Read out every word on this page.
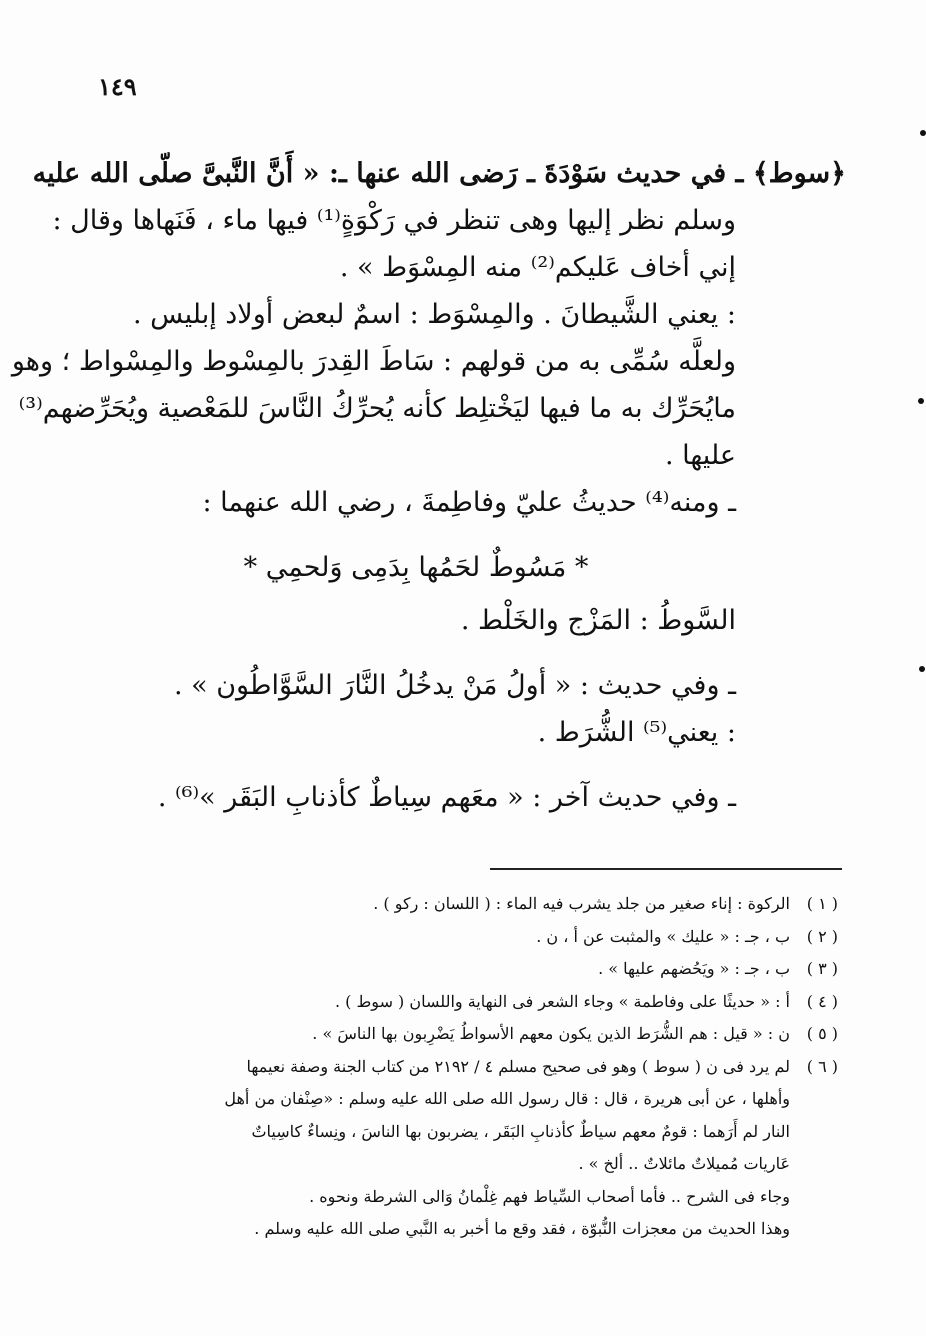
١٤٩
﴿سوط﴾ ـ في حديث سَوْدَةَ ـ رَضى الله عنها ـ: « أَنَّ النَّبىَّ صلّى الله عليه
وسلم نظر إليها وهى تنظر في رَكْوَةٍ⁽¹⁾ فيها ماء ، فَنَهاها وقال :
إني أخاف عَليكم⁽²⁾ منه المِسْوَط » .
: يعني الشَّيطانَ . والمِسْوَط : اسمٌ لبعض أولاد إبليس .
ولعلَّه سُمِّى به من قولهم : سَاطَ القِدرَ بالمِسْوط والمِسْواط ؛ وهو
مايُحَرِّك به ما فيها ليَخْتلِط كأنه يُحرِّكُ النَّاسَ للمَعْصية ويُحَرِّضهم⁽³⁾
عليها .
ـ ومنه⁽⁴⁾ حديثُ عليّ وفاطِمةَ ، رضي الله عنهما :
* مَسُوطٌ لحَمُها بِدَمِى وَلحمِي *
السَّوطُ : المَزْج والخَلْط .
ـ وفي حديث : « أولُ مَنْ يدخُلُ النَّارَ السَّوَّاطُون » .
: يعني⁽⁵⁾ الشُّرَط .
ـ وفي حديث آخر : « معَهم سِياطٌ كأذنابِ البَقَر »⁽⁶⁾ .
( ١ )
الركوة : إناء صغير من جلد يشرب فيه الماء : ( اللسان : ركو ) .
( ٢ )
ب ، جـ : « عليك » والمثبت عن أ ، ن .
( ٣ )
ب ، جـ : « ويَحُضهم عليها » .
( ٤ )
أ : « حديثًا على وفاطمة » وجاء الشعر فى النهاية واللسان ( سوط ) .
( ٥ )
ن : « قيل : هم الشُّرَط الذين يكون معهم الأسواطُ يَضْرِبون بها الناسَ » .
( ٦ )
لم يرد فى ن ( سوط ) وهو فى صحيح مسلم ٤ / ٢١٩٢ من كتاب الجنة وصفة نعيمها
وأهلها ، عن أبى هريرة ، قال : قال رسول الله صلى الله عليه وسلم : «صِنْفان من أهل
النار لم أَرَهما : قومٌ معهم سياطٌ كأذنابِ البَقَر ، يضربون بها الناسَ ، ونِساءٌ كاسِياتٌ
عَاريات مُميلاتٌ مائلاتٌ .. ألخ » .
وجاء فى الشرح .. فأما أصحاب السِّياط فهم غِلْمانُ وَالى الشرطة ونحوه .
وهذا الحديث من معجزات النُّبوّة ، فقد وقع ما أخبر به النَّبي صلى الله عليه وسلم .
